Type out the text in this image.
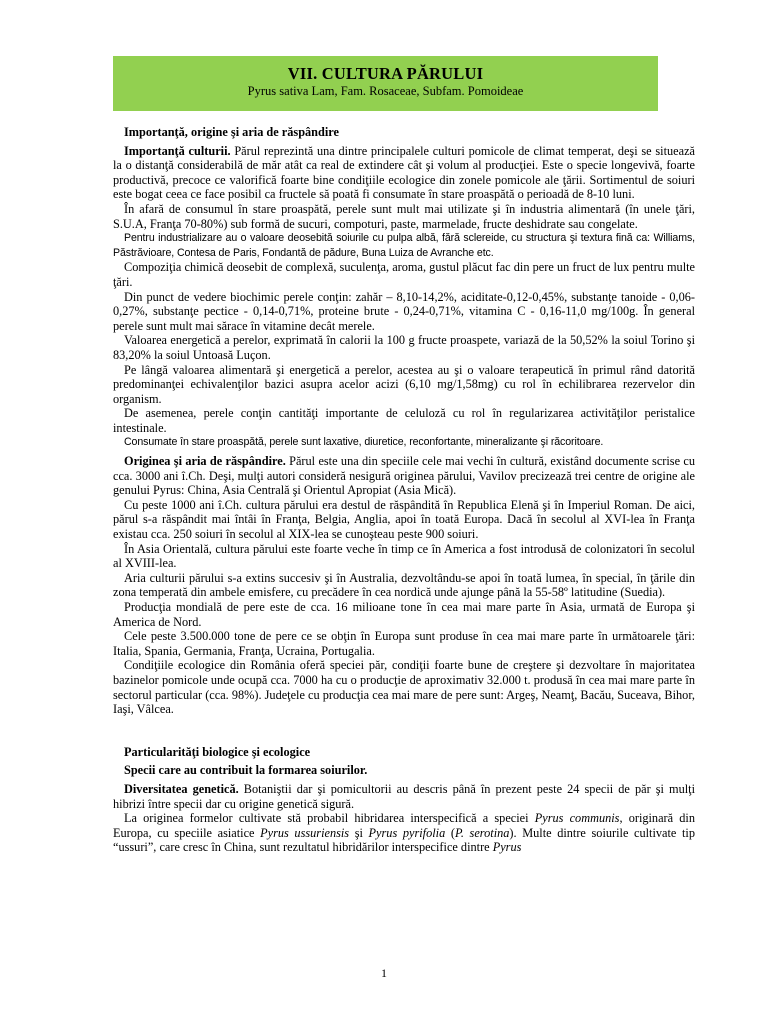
VII. CULTURA PĂRULUI
Pyrus sativa Lam, Fam. Rosaceae, Subfam. Pomoideae

Importanţă, origine şi aria de răspândire

Importanţă culturii. Părul reprezintă una dintre principalele culturi pomicole de climat temperat, deşi se situează la o distanţă considerabilă de măr atât ca real de extindere cât şi volum al producţiei. Este o specie longevivă, foarte productivă, precoce ce valorifică foarte bine condiţiile ecologice din zonele pomicole ale ţării. Sortimentul de soiuri este bogat ceea ce face posibil ca fructele să poată fi consumate în stare proaspătă o perioadă de 8-10 luni.

În afară de consumul în stare proaspătă, perele sunt mult mai utilizate şi în industria alimentară (în unele ţări, S.U.A, Franţa 70-80%) sub formă de sucuri, compoturi, paste, marmelade, fructe deshidrate sau congelate.

Pentru industrializare au o valoare deosebită soiurile cu pulpa albă, fără sclereide, cu structura şi textura fină ca: Williams, Păstrăvioare, Contesa de Paris, Fondantă de pădure, Buna Luiza de Avranche etc.

Compoziţia chimică deosebit de complexă, suculenţa, aroma, gustul plăcut fac din pere un fruct de lux pentru multe ţări.

Din punct de vedere biochimic perele conţin: zahăr – 8,10-14,2%, aciditate-0,12-0,45%, substanţe tanoide - 0,06-0,27%, substanţe pectice - 0,14-0,71%, proteine brute - 0,24-0,71%, vitamina C - 0,16-11,0 mg/100g. În general perele sunt mult mai sărace în vitamine decât merele.

Valoarea energetică a perelor, exprimată în calorii la 100 g fructe proaspete, variază de la 50,52% la soiul Torino şi 83,20% la soiul Untoasă Luçon.

Pe lângă valoarea alimentară şi energetică a perelor, acestea au şi o valoare terapeutică în primul rând datorită predominanţei echivalenţilor bazici asupra acelor acizi (6,10 mg/1,58mg) cu rol în echilibrarea rezervelor din organism.

De asemenea, perele conţin cantităţi importante de celuloză cu rol în regularizarea activităţilor peristalice intestinale.

Consumate în stare proaspătă, perele sunt laxative, diuretice, reconfortante, mineralizante şi răcoritoare.

Originea şi aria de răspândire. Părul este una din speciile cele mai vechi în cultură, existând documente scrise cu cca. 3000 ani î.Ch. Deşi, mulţi autori consideră nesigură originea părului, Vavilov precizează trei centre de origine ale genului Pyrus: China, Asia Centrală şi Orientul Apropiat (Asia Mică).

Cu peste 1000 ani î.Ch. cultura părului era destul de răspândită în Republica Elenă şi în Imperiul Roman. De aici, părul s-a răspândit mai întâi în Franţa, Belgia, Anglia, apoi în toată Europa. Dacă în secolul al XVI-lea în Franţa existau cca. 250 soiuri în secolul al XIX-lea se cunoşteau peste 900 soiuri.

În Asia Orientală, cultura părului este foarte veche în timp ce în America a fost introdusă de colonizatori în secolul al XVIII-lea.

Aria culturii părului s-a extins succesiv şi în Australia, dezvoltându-se apoi în toată lumea, în special, în ţările din zona temperată din ambele emisfere, cu precădere în cea nordică unde ajunge până la 55-58º latitudine (Suedia).

Producţia mondială de pere este de cca. 16 milioane tone în cea mai mare parte în Asia, urmată de Europa şi America de Nord.

Cele peste 3.500.000 tone de pere ce se obţin în Europa sunt produse în cea mai mare parte în următoarele ţări: Italia, Spania, Germania, Franţa, Ucraina, Portugalia.

Condiţiile ecologice din România oferă speciei păr, condiţii foarte bune de creştere şi dezvoltare în majoritatea bazinelor pomicole unde ocupă cca. 7000 ha cu o producţie de aproximativ 32.000 t. produsă în cea mai mare parte în sectorul particular (cca. 98%). Judeţele cu producţia cea mai mare de pere sunt: Argeş, Neamţ, Bacău, Suceava, Bihor, Iaşi, Vâlcea.

Particularităţi biologice şi ecologice

Specii care au contribuit la formarea soiurilor.

Diversitatea genetică. Botaniştii dar şi pomicultorii au descris până în prezent peste 24 specii de păr şi mulţi hibrizi între specii dar cu origine genetică sigură.

La originea formelor cultivate stă probabil hibridarea interspecifică a speciei Pyrus communis, originară din Europa, cu speciile asiatice Pyrus ussuriensis şi Pyrus pyrifolia (P. serotina). Multe dintre soiurile cultivate tip “ussuri”, care cresc în China, sunt rezultatul hibridărilor interspecifice dintre Pyrus

1
